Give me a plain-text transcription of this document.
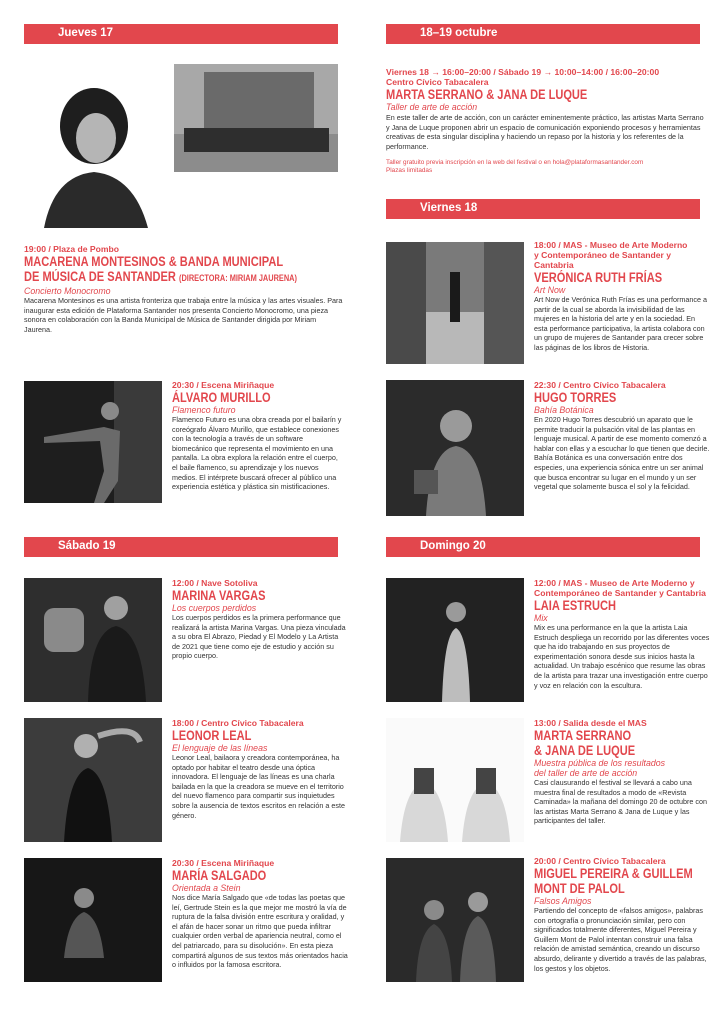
Jueves 17	18–19 octubre
Viernes 18
Sábado 19	Domingo 20
Viernes 18 → 16:00–20:00 / Sábado 19 → 10:00–14:00 / 16:00–20:00
Centro Cívico Tabacalera
MARTA SERRANO & JANA DE LUQUE
Taller de arte de acción
En este taller de arte de acción, con un carácter eminentemente práctico, las artistas Marta Serrano y Jana de Luque proponen abrir un espacio de comunicación exponiendo procesos y herramientas creativas de esta singular disciplina y haciendo un repaso por la historia y los referentes de la performance.
Taller gratuito previa inscripción en la web del festival o en hola@plataformasantander.com
Plazas limitadas
19:00 / Plaza de Pombo
MACARENA MONTESINOS & BANDA MUNICIPAL
DE MÚSICA DE SANTANDER (DIRECTORA: MIRIAM JAURENA)
Concierto Monocromo
Macarena Montesinos es una artista fronteriza que trabaja entre la música y las artes visuales. Para inaugurar esta edición de Plataforma Santander nos presenta Concierto Monocromo, una pieza sonora en colaboración con la Banda Municipal de Música de Santander dirigida por Miriam Jaurena.
18:00 / MAS - Museo de Arte Moderno
y Contemporáneo de Santander y Cantabria
VERÓNICA RUTH FRÍAS
Art Now
Art Now de Verónica Ruth Frías es una performance a partir de la cual se aborda la invisibilidad de las mujeres en la historia del arte y en la sociedad. En esta performance participativa, la artista colabora con un grupo de mujeres de Santander para crecer sobre las páginas de los libros de Historia.
22:30 / Centro Cívico Tabacalera
HUGO TORRES
Bahía Botánica
En 2020 Hugo Torres descubrió un aparato que le permite traducir la pulsación vital de las plantas en lenguaje musical. A partir de ese momento comenzó a hablar con ellas y a escuchar lo que tienen que decirle. Bahía Botánica es una conversación entre dos especies, una experiencia sónica entre un ser animal que busca encontrar su lugar en el mundo y un ser vegetal que solamente busca el sol y la felicidad.
20:30 / Escena Miriñaque
ÁLVARO MURILLO
Flamenco futuro
Flamenco Futuro es una obra creada por el bailarín y coreógrafo Álvaro Murillo, que establece conexiones con la tecnología a través de un software biomecánico que representa el movimiento en una pantalla. La obra explora la relación entre el cuerpo, el baile flamenco, su aprendizaje y los nuevos medios. El intérprete buscará ofrecer al público una experiencia estética y plástica sin mistificaciones.
12:00 / Nave Sotoliva
MARINA VARGAS
Los cuerpos perdidos
Los cuerpos perdidos es la primera performance que realizará la artista Marina Vargas. Una pieza vinculada a su obra El Abrazo, Piedad y El Modelo y La Artista de 2021 que tiene como eje de estudio y acción su propio cuerpo.
18:00 / Centro Cívico Tabacalera
LEONOR LEAL
El lenguaje de las líneas
Leonor Leal, bailaora y creadora contemporánea, ha optado por habitar el teatro desde una óptica innovadora. El lenguaje de las líneas es una charla bailada en la que la creadora se mueve en el territorio del nuevo flamenco para compartir sus inquietudes sobre la ausencia de textos escritos en relación a este género.
20:30 / Escena Miriñaque
MARÍA SALGADO
Orientada a Stein
Nos dice María Salgado que «de todas las poetas que leí, Gertrude Stein es la que mejor me mostró la vía de ruptura de la falsa división entre escritura y oralidad, y el afán de hacer sonar un ritmo que pueda infiltrar cualquier orden verbal de apariencia neutral, como el del patriarcado, para su disolución». En esta pieza compartirá algunos de sus textos más orientados hacia o influidos por la famosa escritora.
12:00 / MAS - Museo de Arte Moderno y
Contemporáneo de Santander y Cantabria
LAIA ESTRUCH
Mix
Mix es una performance en la que la artista Laia Estruch despliega un recorrido por las diferentes voces que ha ido trabajando en sus proyectos de experimentación sonora desde sus inicios hasta la actualidad. Un trabajo escénico que resume las obras de la artista para trazar una investigación entre cuerpo y voz en relación con la escultura.
13:00 / Salida desde el MAS
MARTA SERRANO
& JANA DE LUQUE
Muestra pública de los resultados
del taller de arte de acción
Casi clausurando el festival se llevará a cabo una muestra final de resultados a modo de «Revista Caminada» la mañana del domingo 20 de octubre con las artistas Marta Serrano & Jana de Luque y las participantes del taller.
20:00 / Centro Cívico Tabacalera
MIGUEL PEREIRA & GUILLEM
MONT DE PALOL
Falsos Amigos
Partiendo del concepto de «falsos amigos», palabras con ortografía o pronunciación similar, pero con significados totalmente diferentes, Miguel Pereira y Guillem Mont de Palol intentan construir una falsa relación de amistad semántica, creando un discurso absurdo, delirante y divertido a través de las palabras, los gestos y los objetos.
